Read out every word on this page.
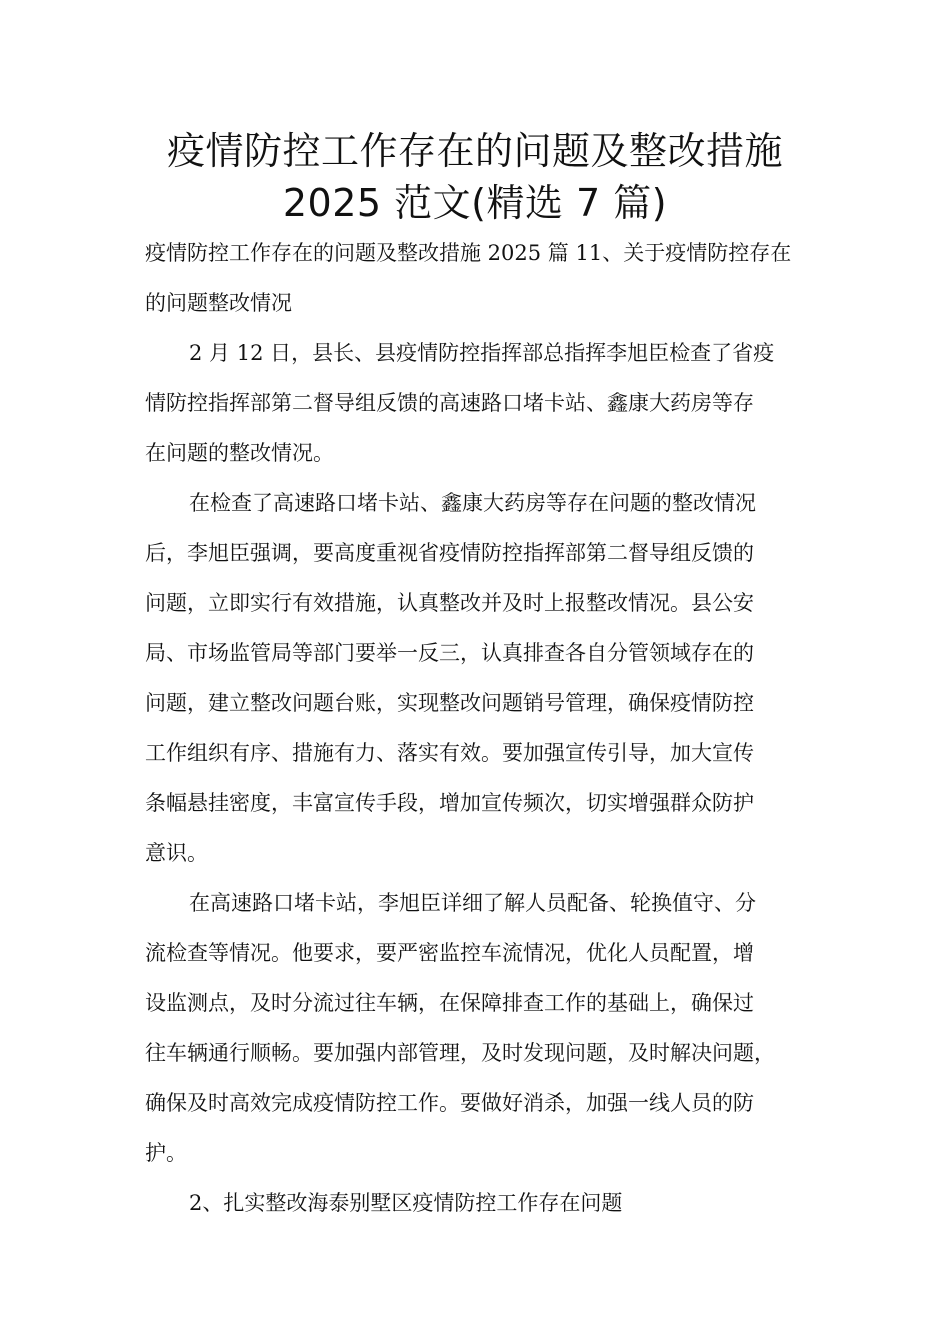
疫情防控工作存在的问题及整改措施
2025 范文(精选 7 篇)

疫情防控工作存在的问题及整改措施 2025 篇 11、关于疫情防控存在

的问题整改情况

2 月 12 日，县长、县疫情防控指挥部总指挥李旭臣检查了省疫

情防控指挥部第二督导组反馈的高速路口堵卡站、鑫康大药房等存

在问题的整改情况。

在检查了高速路口堵卡站、鑫康大药房等存在问题的整改情况

后，李旭臣强调，要高度重视省疫情防控指挥部第二督导组反馈的

问题，立即实行有效措施，认真整改并及时上报整改情况。县公安

局、市场监管局等部门要举一反三，认真排查各自分管领域存在的

问题，建立整改问题台账，实现整改问题销号管理，确保疫情防控

工作组织有序、措施有力、落实有效。要加强宣传引导，加大宣传

条幅悬挂密度，丰富宣传手段，增加宣传频次，切实增强群众防护

意识。

在高速路口堵卡站，李旭臣详细了解人员配备、轮换值守、分

流检查等情况。他要求，要严密监控车流情况，优化人员配置，增

设监测点，及时分流过往车辆，在保障排查工作的基础上，确保过

往车辆通行顺畅。要加强内部管理，及时发现问题，及时解决问题，

确保及时高效完成疫情防控工作。要做好消杀，加强一线人员的防

护。

2、扎实整改海泰别墅区疫情防控工作存在问题
